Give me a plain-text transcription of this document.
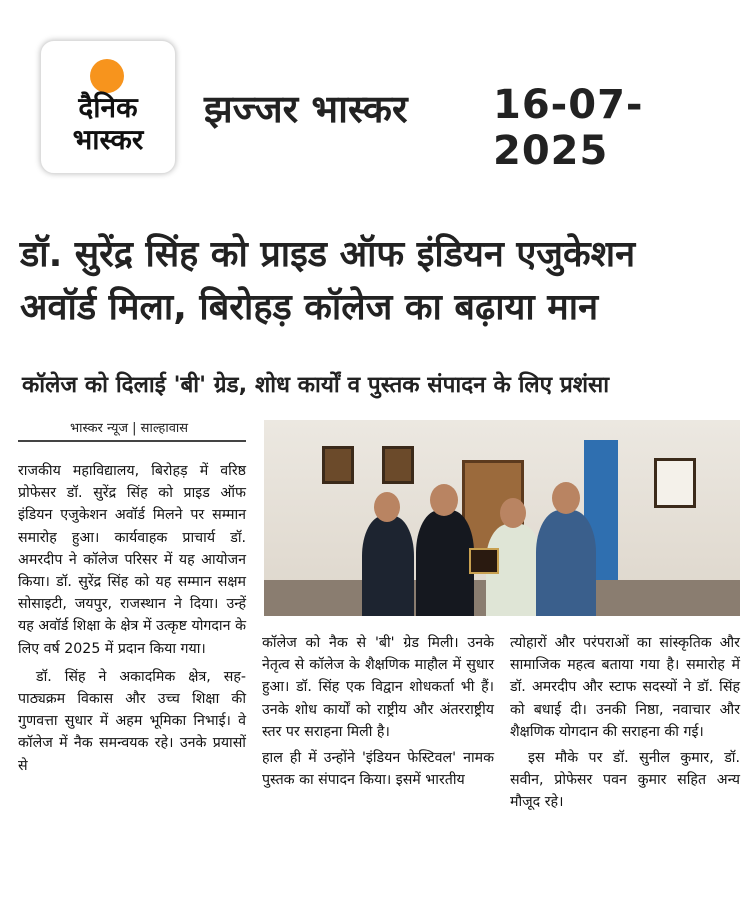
दैनिक
भास्कर
झज्जर भास्कर 16-07-2025
डॉ. सुरेंद्र सिंह को प्राइड ऑफ इंडियन एजुकेशन
अवॉर्ड मिला, बिरोहड़ कॉलेज का बढ़ाया मान
कॉलेज को दिलाई 'बी' ग्रेड, शोध कार्यों व पुस्तक संपादन के लिए प्रशंसा
भास्कर न्यूज | साल्हावास

राजकीय महाविद्यालय, बिरोहड़ में वरिष्ठ प्रोफेसर डॉ. सुरेंद्र सिंह को प्राइड ऑफ इंडियन एजुकेशन अवॉर्ड मिलने पर सम्मान समारोह हुआ। कार्यवाहक प्राचार्य डॉ. अमरदीप ने कॉलेज परिसर में यह आयोजन किया। डॉ. सुरेंद्र सिंह को यह सम्मान सक्षम सोसाइटी, जयपुर, राजस्थान ने दिया। उन्हें यह अवॉर्ड शिक्षा के क्षेत्र में उत्कृष्ट योगदान के लिए वर्ष 2025 में प्रदान किया गया।

डॉ. सिंह ने अकादमिक क्षेत्र, सह-पाठ्यक्रम विकास और उच्च शिक्षा की गुणवत्ता सुधार में अहम भूमिका निभाई। वे कॉलेज में नैक समन्वयक रहे। उनके प्रयासों से

कॉलेज को नैक से 'बी' ग्रेड मिली। उनके नेतृत्व से कॉलेज के शैक्षणिक माहौल में सुधार हुआ। डॉ. सिंह एक विद्वान शोधकर्ता भी हैं। उनके शोध कार्यों को राष्ट्रीय और अंतरराष्ट्रीय स्तर पर सराहना मिली है।

हाल ही में उन्होंने 'इंडियन फेस्टिवल' नामक पुस्तक का संपादन किया। इसमें भारतीय

त्योहारों और परंपराओं का सांस्कृतिक और सामाजिक महत्व बताया गया है। समारोह में डॉ. अमरदीप और स्टाफ सदस्यों ने डॉ. सिंह को बधाई दी। उनकी निष्ठा, नवाचार और शैक्षणिक योगदान की सराहना की गई।

इस मौके पर डॉ. सुनील कुमार, डॉ. सवीन, प्रोफेसर पवन कुमार सहित अन्य मौजूद रहे।
